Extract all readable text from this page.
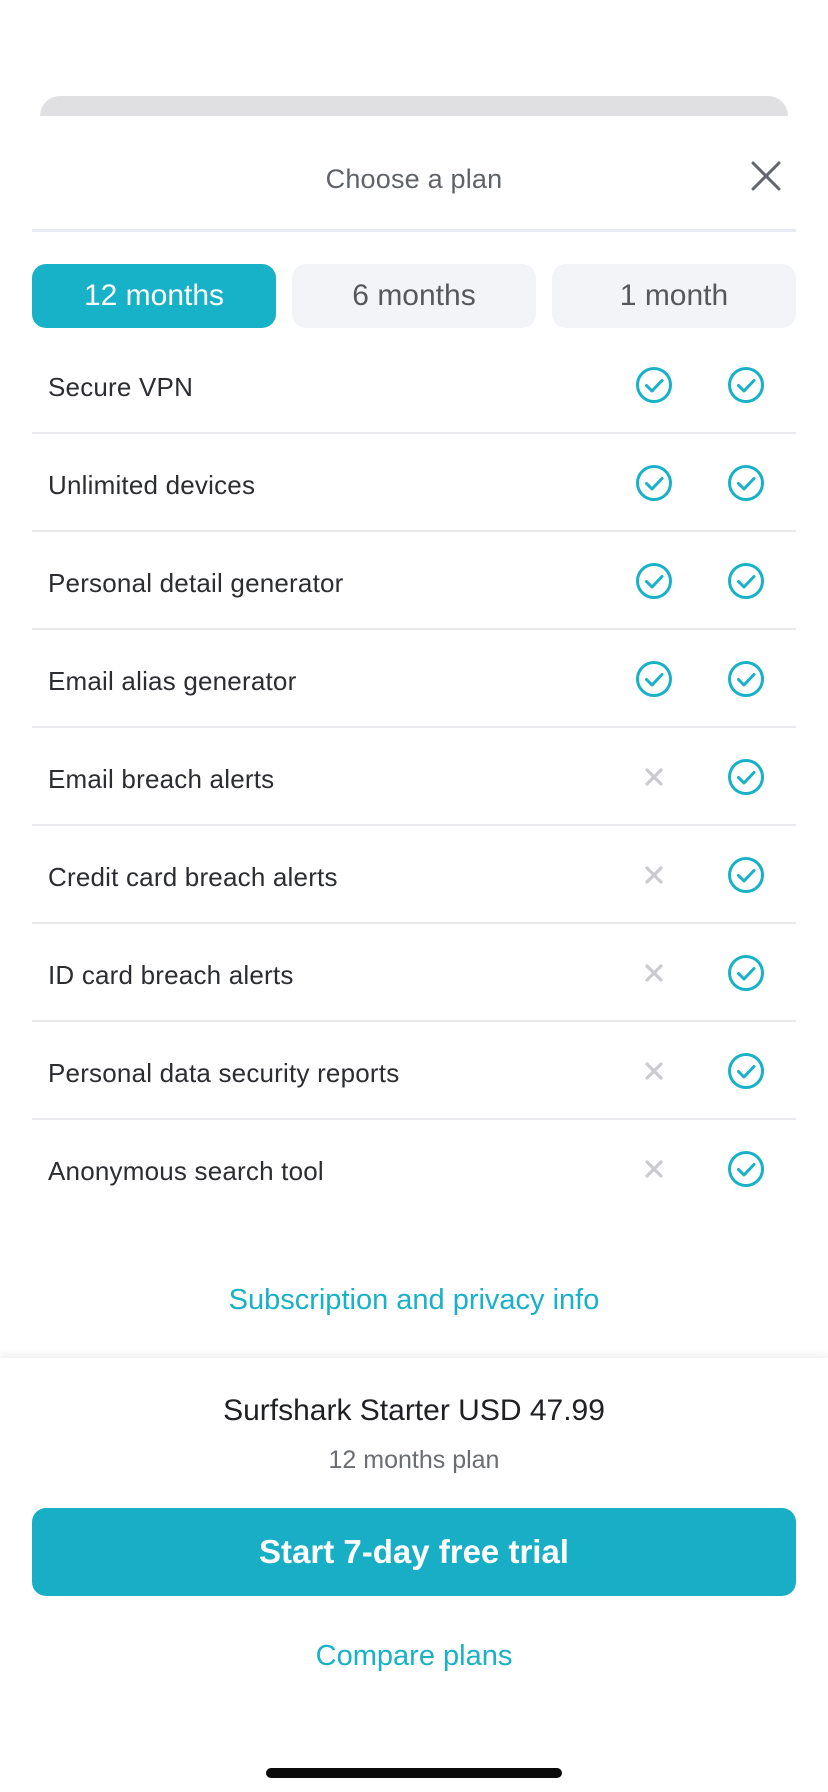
Choose a plan
12 months	6 months	1 month
Secure VPN
Unlimited devices
Personal detail generator
Email alias generator
Email breach alerts
Credit card breach alerts
ID card breach alerts
Personal data security reports
Anonymous search tool
Subscription and privacy info
Surfshark Starter USD 47.99
12 months plan
Start 7-day free trial
Compare plans
